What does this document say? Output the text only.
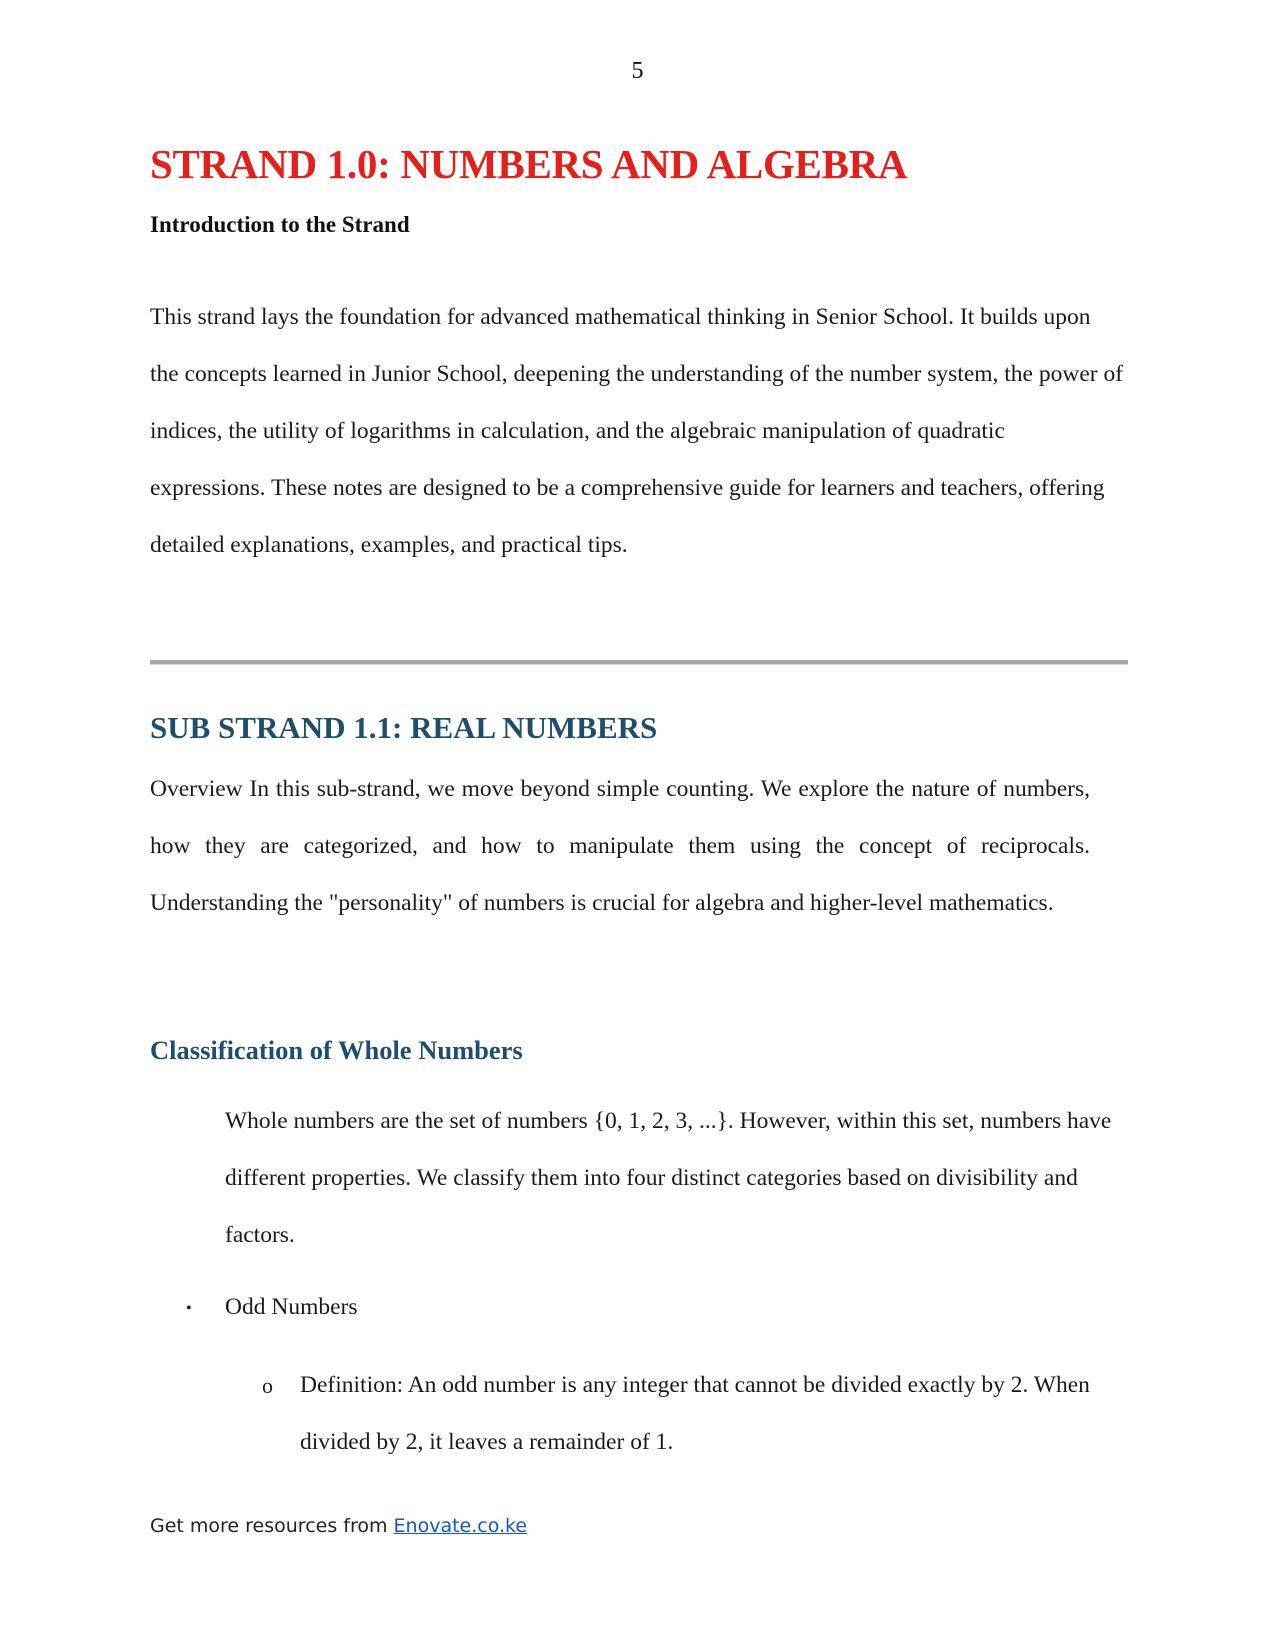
5
STRAND 1.0: NUMBERS AND ALGEBRA
Introduction to the Strand

This strand lays the foundation for advanced mathematical thinking in Senior School. It builds upon the concepts learned in Junior School, deepening the understanding of the number system, the power of indices, the utility of logarithms in calculation, and the algebraic manipulation of quadratic expressions. These notes are designed to be a comprehensive guide for learners and teachers, offering detailed explanations, examples, and practical tips.

SUB STRAND 1.1: REAL NUMBERS

Overview In this sub-strand, we move beyond simple counting. We explore the nature of numbers, how they are categorized, and how to manipulate them using the concept of reciprocals. Understanding the "personality" of numbers is crucial for algebra and higher-level mathematics.

Classification of Whole Numbers

Whole numbers are the set of numbers {0, 1, 2, 3, ...}. However, within this set, numbers have different properties. We classify them into four distinct categories based on divisibility and factors.

• Odd Numbers
o Definition: An odd number is any integer that cannot be divided exactly by 2. When divided by 2, it leaves a remainder of 1.

Get more resources from Enovate.co.ke
